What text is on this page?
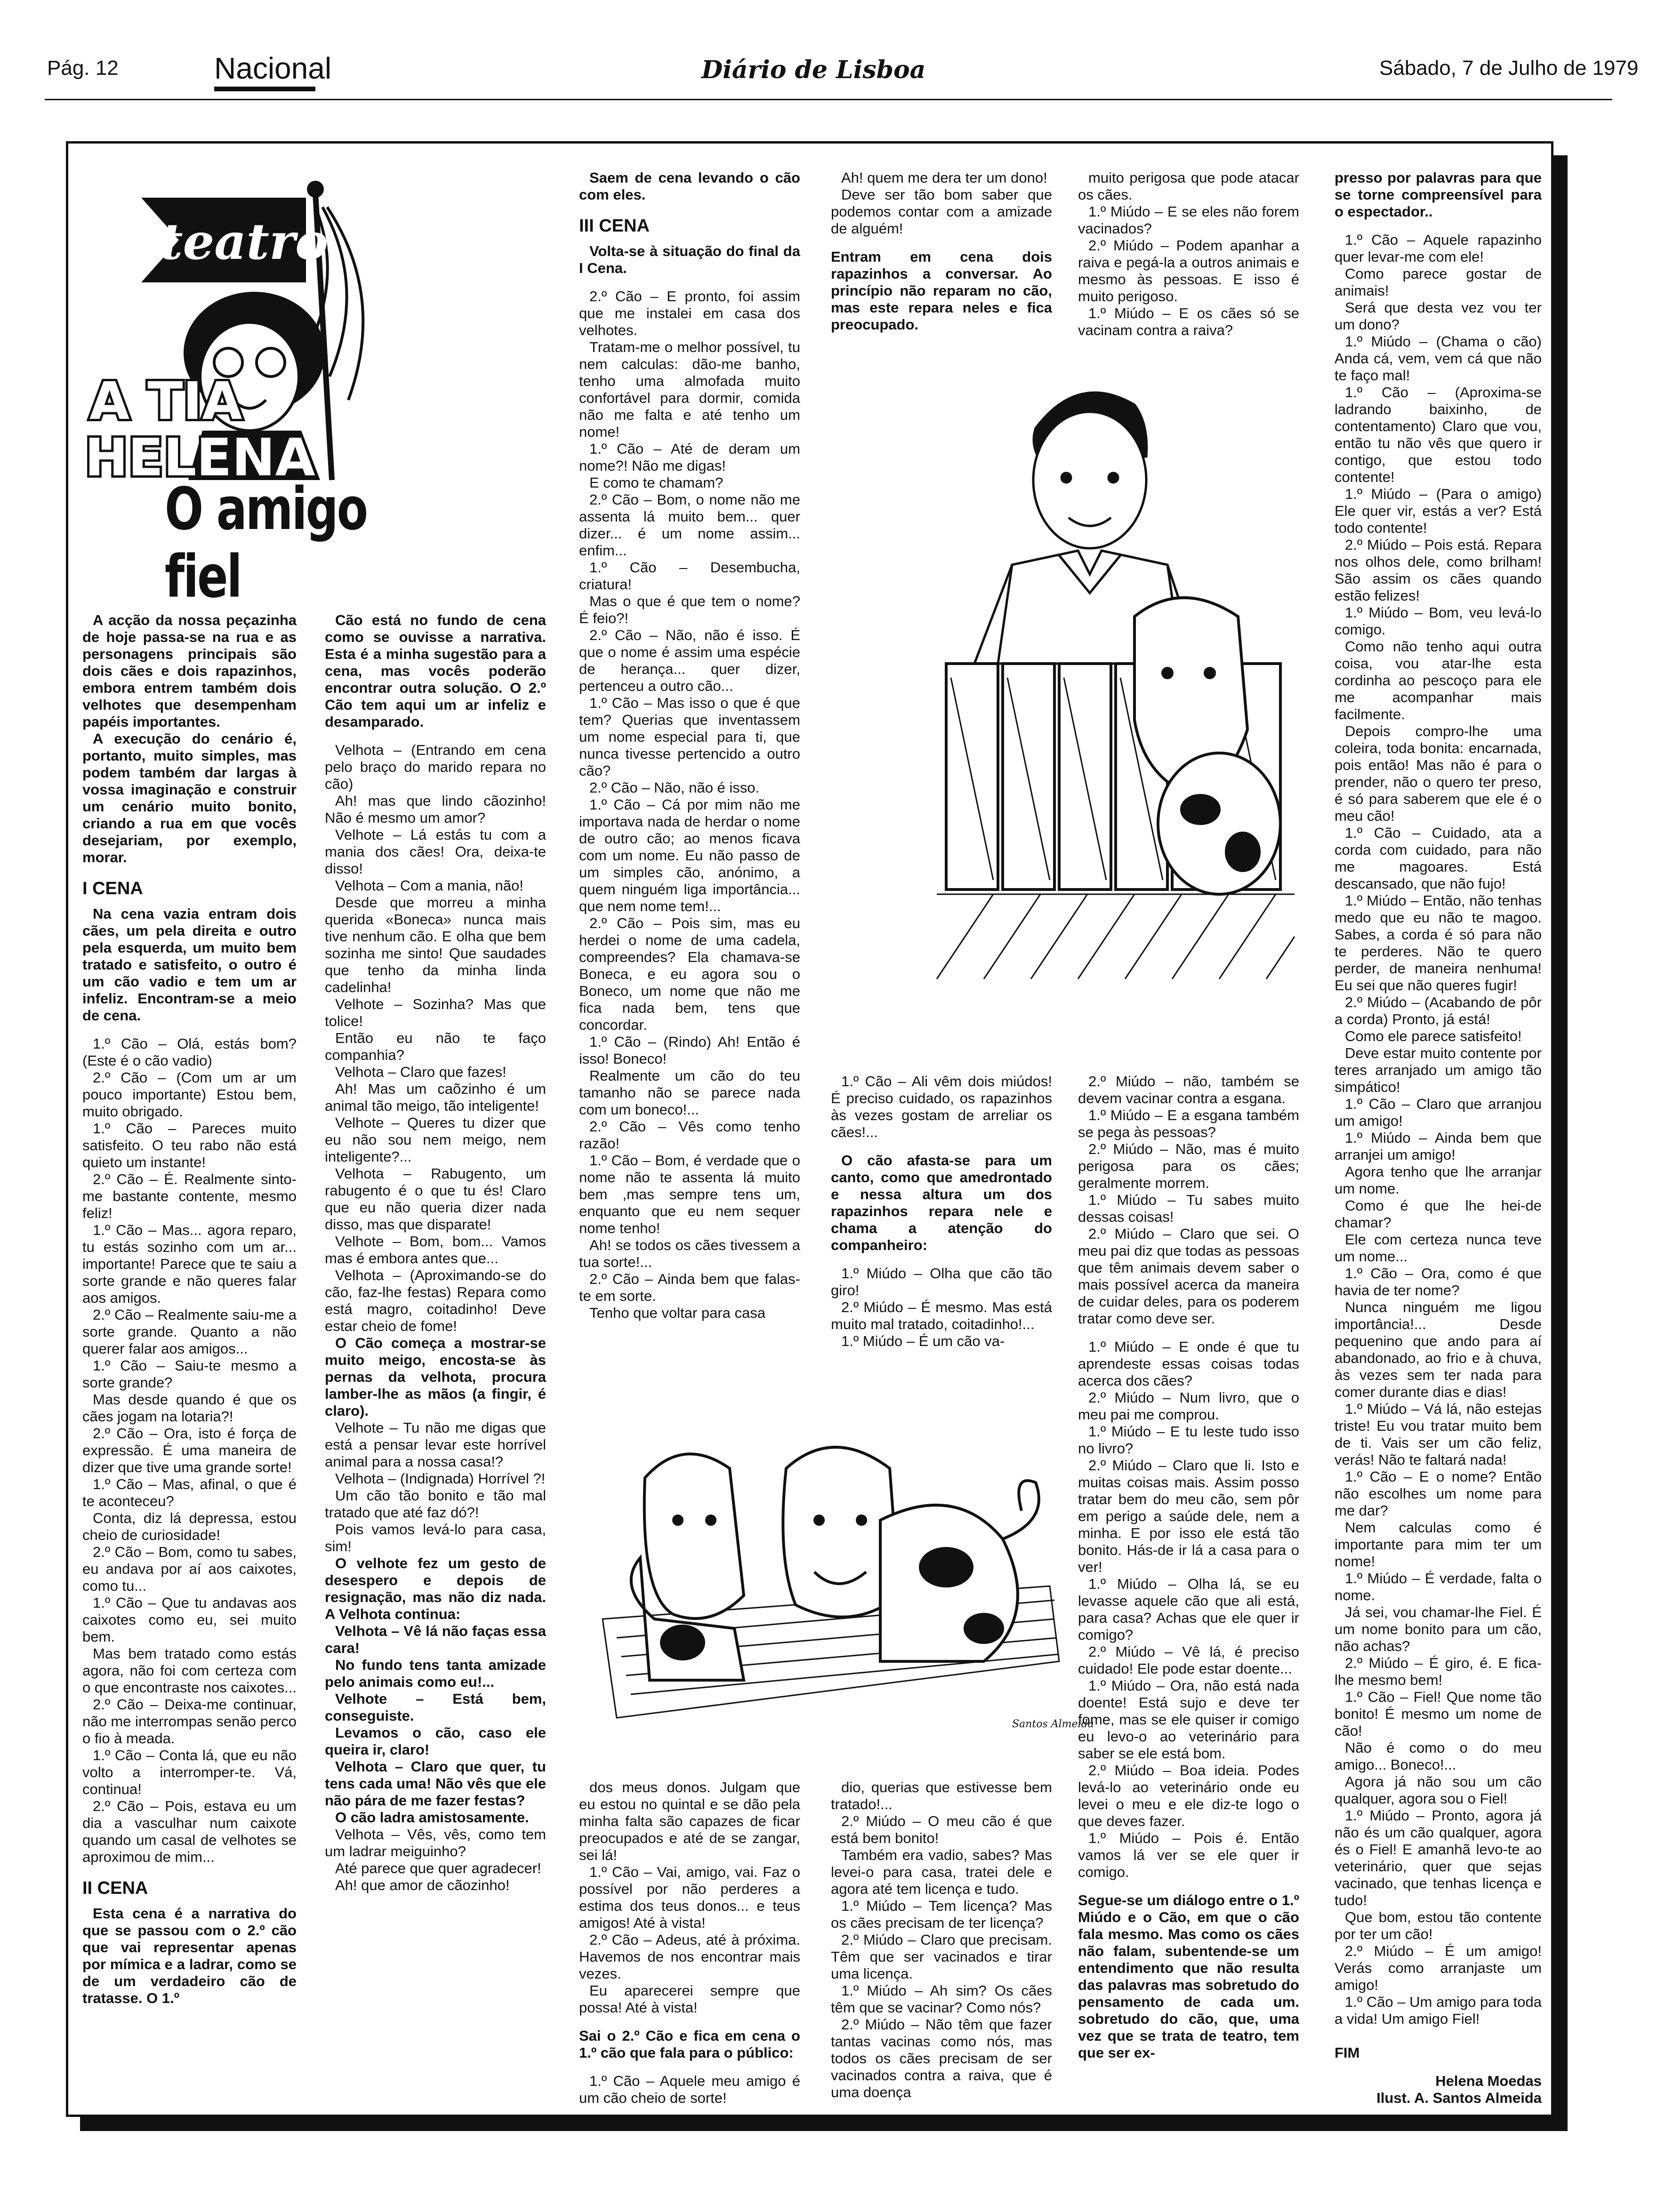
Pág. 12	Nacional	Diário de Lisboa	Sábado, 7 de Julho de 1979
teatro
A TIA
HELENA
O amigo fiel

A acção da nossa peçazinha de hoje passa-se na rua e as personagens principais são dois cães e dois rapazinhos, embora entrem também dois velhotes que desempenham papéis importantes.

A execução do cenário é, portanto, muito simples, mas podem também dar largas à vossa imaginação e construir um cenário muito bonito, criando a rua em que vocês desejariam, por exemplo, morar.

I CENA

Na cena vazia entram dois cães, um pela direita e outro pela esquerda, um muito bem tratado e satisfeito, o outro é um cão vadio e tem um ar infeliz. Encontram-se a meio de cena.

1.º Cão – Olá, estás bom? (Este é o cão vadio)

2.º Cão – (Com um ar um pouco importante) Estou bem, muito obrigado.

1.º Cão – Pareces muito satisfeito. O teu rabo não está quieto um instante!

2.º Cão – É. Realmente sinto-me bastante contente, mesmo feliz!

1.º Cão – Mas... agora reparo, tu estás sozinho com um ar... importante! Parece que te saiu a sorte grande e não queres falar aos amigos.

2.º Cão – Realmente saiu-me a sorte grande. Quanto a não querer falar aos amigos...

1.º Cão – Saiu-te mesmo a sorte grande?

Mas desde quando é que os cães jogam na lotaria?!

2.º Cão – Ora, isto é força de expressão. É uma maneira de dizer que tive uma grande sorte!

1.º Cão – Mas, afinal, o que é te aconteceu?

Conta, diz lá depressa, estou cheio de curiosidade!

2.º Cão – Bom, como tu sabes, eu andava por aí aos caixotes, como tu...

1.º Cão – Que tu andavas aos caixotes como eu, sei muito bem.

Mas bem tratado como estás agora, não foi com certeza com o que encontraste nos caixotes...

2.º Cão – Deixa-me continuar, não me interrompas senão perco o fio à meada.

1.º Cão – Conta lá, que eu não volto a interromper-te. Vá, continua!

2.º Cão – Pois, estava eu um dia a vasculhar num caixote quando um casal de velhotes se aproximou de mim...

II CENA

Esta cena é a narrativa do que se passou com o 2.º cão que vai representar apenas por mímica e a ladrar, como se de um verdadeiro cão de tratasse. O 1.º

Cão está no fundo de cena como se ouvisse a narrativa. Esta é a minha sugestão para a cena, mas vocês poderão encontrar outra solução. O 2.º Cão tem aqui um ar infeliz e desamparado.

Velhota – (Entrando em cena pelo braço do marido repara no cão)

Ah! mas que lindo cãozinho! Não é mesmo um amor?

Velhote – Lá estás tu com a mania dos cães! Ora, deixa-te disso!

Velhota – Com a mania, não!

Desde que morreu a minha querida «Boneca» nunca mais tive nenhum cão. E olha que bem sozinha me sinto! Que saudades que tenho da minha linda cadelinha!

Velhote – Sozinha? Mas que tolice!

Então eu não te faço companhia?

Velhota – Claro que fazes!

Ah! Mas um caõzinho é um animal tão meigo, tão inteligente!

Velhote – Queres tu dizer que eu não sou nem meigo, nem inteligente?...

Velhota – Rabugento, um rabugento é o que tu és! Claro que eu não queria dizer nada disso, mas que disparate!

Velhote – Bom, bom... Vamos mas é embora antes que...

Velhota – (Aproximando-se do cão, faz-lhe festas) Repara como está magro, coitadinho! Deve estar cheio de fome!

O Cão começa a mostrar-se muito meigo, encosta-se às pernas da velhota, procura lamber-lhe as mãos (a fingir, é claro).

Velhote – Tu não me digas que está a pensar levar este horrível animal para a nossa casa!?

Velhota – (Indignada) Horrível ?!

Um cão tão bonito e tão mal tratado que até faz dó?!

Pois vamos levá-lo para casa, sim!

O velhote fez um gesto de desespero e depois de resignação, mas não diz nada. A Velhota continua:

Velhota – Vê lá não faças essa cara!

No fundo tens tanta amizade pelo animais como eu!...

Velhote – Está bem, conseguiste.

Levamos o cão, caso ele queira ir, claro!

Velhota – Claro que quer, tu tens cada uma! Não vês que ele não pára de me fazer festas?

O cão ladra amistosamente.

Velhota – Vês, vês, como tem um ladrar meiguinho?

Até parece que quer agradecer!

Ah! que amor de cãozinho!

Saem de cena levando o cão com eles.

III CENA

Volta-se à situação do final da I Cena.

2.º Cão – E pronto, foi assim que me instalei em casa dos velhotes.

Tratam-me o melhor possível, tu nem calculas: dão-me banho, tenho uma almofada muito confortável para dormir, comida não me falta e até tenho um nome!

1.º Cão – Até de deram um nome?! Não me digas!

E como te chamam?

2.º Cão – Bom, o nome não me assenta lá muito bem... quer dizer... é um nome assim... enfim...

1.º Cão – Desembucha, criatura!

Mas o que é que tem o nome? É feio?!

2.º Cão – Não, não é isso. É que o nome é assim uma espécie de herança... quer dizer, pertenceu a outro cão...

1.º Cão – Mas isso o que é que tem? Querias que inventassem um nome especial para ti, que nunca tivesse pertencido a outro cão?

2.º Cão – Não, não é isso.

1.º Cão – Cá por mim não me importava nada de herdar o nome de outro cão; ao menos ficava com um nome. Eu não passo de um simples cão, anónimo, a quem ninguém liga importância... que nem nome tem!...

2.º Cão – Pois sim, mas eu herdei o nome de uma cadela, compreendes? Ela chamava-se Boneca, e eu agora sou o Boneco, um nome que não me fica nada bem, tens que concordar.

1.º Cão – (Rindo) Ah! Então é isso! Boneco!

Realmente um cão do teu tamanho não se parece nada com um boneco!...

2.º Cão – Vês como tenho razão!

1.º Cão – Bom, é verdade que o nome não te assenta lá muito bem ,mas sempre tens um, enquanto que eu nem sequer nome tenho!

Ah! se todos os cães tivessem a tua sorte!...

2.º Cão – Ainda bem que falas-te em sorte.

Tenho que voltar para casa

Ah! quem me dera ter um dono!

Deve ser tão bom saber que podemos contar com a amizade de alguém!

Entram em cena dois rapazinhos a conversar. Ao princípio não reparam no cão, mas este repara neles e fica preocupado.

muito perigosa que pode atacar os cães.

1.º Miúdo – E se eles não forem vacinados?

2.º Miúdo – Podem apanhar a raiva e pegá-la a outros animais e mesmo às pessoas. E isso é muito perigoso.

1.º Miúdo – E os cães só se vacinam contra a raiva?

1.º Cão – Ali vêm dois miúdos! É preciso cuidado, os rapazinhos às vezes gostam de arreliar os cães!...

O cão afasta-se para um canto, como que amedrontado e nessa altura um dos rapazinhos repara nele e chama a atenção do companheiro:

1.º Miúdo – Olha que cão tão giro!

2.º Miúdo – É mesmo. Mas está muito mal tratado, coitadinho!...

1.º Miúdo – É um cão va-

2.º Miúdo – não, também se devem vacinar contra a esgana.

1.º Miúdo – E a esgana também se pega às pessoas?

2.º Miúdo – Não, mas é muito perigosa para os cães; geralmente morrem.

1.º Miúdo – Tu sabes muito dessas coisas!

2.º Miúdo – Claro que sei. O meu pai diz que todas as pessoas que têm animais devem saber o mais possível acerca da maneira de cuidar deles, para os poderem tratar como deve ser.

1.º Miúdo – E onde é que tu aprendeste essas coisas todas acerca dos cães?

2.º Miúdo – Num livro, que o meu pai me comprou.

1.º Miúdo – E tu leste tudo isso no livro?

2.º Miúdo – Claro que li. Isto e muitas coisas mais. Assim posso tratar bem do meu cão, sem pôr em perigo a saúde dele, nem a minha. E por isso ele está tão bonito. Hás-de ir lá a casa para o ver!

1.º Miúdo – Olha lá, se eu levasse aquele cão que ali está, para casa? Achas que ele quer ir comigo?

2.º Miúdo – Vê lá, é preciso cuidado! Ele pode estar doente...

1.º Miúdo – Ora, não está nada doente! Está sujo e deve ter fome, mas se ele quiser ir comigo eu levo-o ao veterinário para saber se ele está bom.

2.º Miúdo – Boa ideia. Podes levá-lo ao veterinário onde eu levei o meu e ele diz-te logo o que deves fazer.

1.º Miúdo – Pois é. Então vamos lá ver se ele quer ir comigo.

Segue-se um diálogo entre o 1.º Miúdo e o Cão, em que o cão fala mesmo. Mas como os cães não falam, subentende-se um entendimento que não resulta das palavras mas sobretudo do pensamento de cada um. sobretudo do cão, que, uma vez que se trata de teatro, tem que ser ex-

Santos Almeida

dos meus donos. Julgam que eu estou no quintal e se dão pela minha falta são capazes de ficar preocupados e até de se zangar, sei lá!

1.º Cão – Vai, amigo, vai. Faz o possível por não perderes a estima dos teus donos... e teus amigos! Até à vista!

2.º Cão – Adeus, até à próxima. Havemos de nos encontrar mais vezes.

Eu aparecerei sempre que possa! Até à vista!

Sai o 2.º Cão e fica em cena o 1.º cão que fala para o público:

1.º Cão – Aquele meu amigo é um cão cheio de sorte!

dio, querias que estivesse bem tratado!...

2.º Miúdo – O meu cão é que está bem bonito!

Também era vadio, sabes? Mas levei-o para casa, tratei dele e agora até tem licença e tudo.

1.º Miúdo – Tem licença? Mas os cães precisam de ter licença?

2.º Miúdo – Claro que precisam. Têm que ser vacinados e tirar uma licença.

1.º Miúdo – Ah sim? Os cães têm que se vacinar? Como nós?

2.º Miúdo – Não têm que fazer tantas vacinas como nós, mas todos os cães precisam de ser vacinados contra a raiva, que é uma doença

presso por palavras para que se torne compreensível para o espectador..

1.º Cão – Aquele rapazinho quer levar-me com ele!

Como parece gostar de animais!

Será que desta vez vou ter um dono?

1.º Miúdo – (Chama o cão) Anda cá, vem, vem cá que não te faço mal!

1.º Cão – (Aproxima-se ladrando baixinho, de contentamento) Claro que vou, então tu não vês que quero ir contigo, que estou todo contente!

1.º Miúdo – (Para o amigo) Ele quer vir, estás a ver? Está todo contente!

2.º Miúdo – Pois está. Repara nos olhos dele, como brilham! São assim os cães quando estão felizes!

1.º Miúdo – Bom, veu levá-lo comigo.

Como não tenho aqui outra coisa, vou atar-lhe esta cordinha ao pescoço para ele me acompanhar mais facilmente.

Depois compro-lhe uma coleira, toda bonita: encarnada, pois então! Mas não é para o prender, não o quero ter preso, é só para saberem que ele é o meu cão!

1.º Cão – Cuidado, ata a corda com cuidado, para não me magoares. Está descansado, que não fujo!

1.º Miúdo – Então, não tenhas medo que eu não te magoo. Sabes, a corda é só para não te perderes. Não te quero perder, de maneira nenhuma! Eu sei que não queres fugir!

2.º Miúdo – (Acabando de pôr a corda) Pronto, já está!

Como ele parece satisfeito!

Deve estar muito contente por teres arranjado um amigo tão simpático!

1.º Cão – Claro que arranjou um amigo!

1.º Miúdo – Ainda bem que arranjei um amigo!

Agora tenho que lhe arranjar um nome.

Como é que lhe hei-de chamar?

Ele com certeza nunca teve um nome...

1.º Cão – Ora, como é que havia de ter nome?

Nunca ninguém me ligou importância!... Desde pequenino que ando para aí abandonado, ao frio e à chuva, às vezes sem ter nada para comer durante dias e dias!

1.º Miúdo – Vá lá, não estejas triste! Eu vou tratar muito bem de ti. Vais ser um cão feliz, verás! Não te faltará nada!

1.º Cão – E o nome? Então não escolhes um nome para me dar?

Nem calculas como é importante para mim ter um nome!

1.º Miúdo – É verdade, falta o nome.

Já sei, vou chamar-lhe Fiel. É um nome bonito para um cão, não achas?

2.º Miúdo – É giro, é. E fica-lhe mesmo bem!

1.º Cão – Fiel! Que nome tão bonito! É mesmo um nome de cão!

Não é como o do meu amigo... Boneco!...

Agora já não sou um cão qualquer, agora sou o Fiel!

1.º Miúdo – Pronto, agora já não és um cão qualquer, agora és o Fiel! E amanhã levo-te ao veterinário, quer que sejas vacinado, que tenhas licença e tudo!

Que bom, estou tão contente por ter um cão!

2.º Miúdo – É um amigo! Verás como arranjaste um amigo!

1.º Cão – Um amigo para toda a vida! Um amigo Fiel!

FIM

Helena Moedas

Ilust. A. Santos Almeida
